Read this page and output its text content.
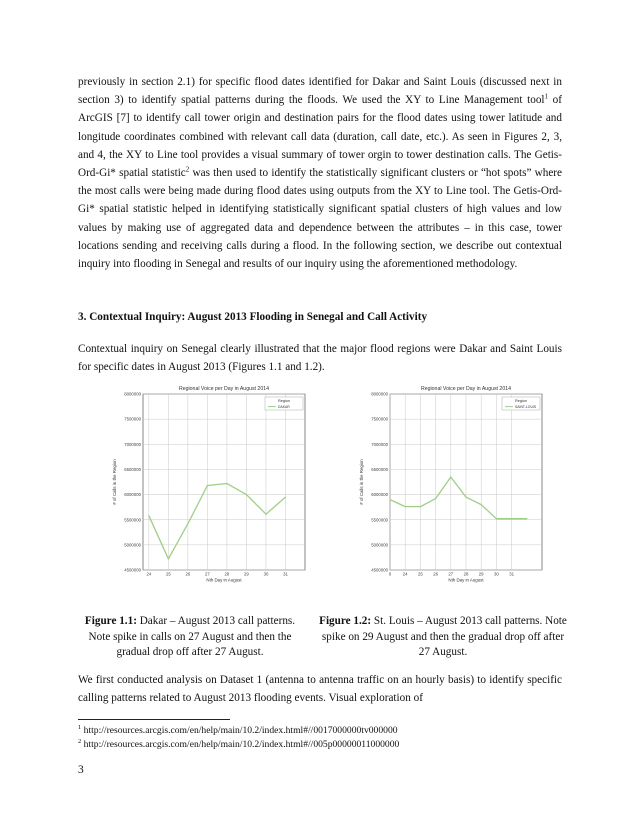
previously in section 2.1) for specific flood dates identified for Dakar and Saint Louis (discussed next in section 3) to identify spatial patterns during the floods. We used the XY to Line Management tool$^1$ of ArcGIS [7] to identify call tower origin and destination pairs for the flood dates using tower latitude and longitude coordinates combined with relevant call data (duration, call date, etc.). As seen in Figures 2, 3, and 4, the XY to Line tool provides a visual summary of tower orgin to tower destination calls. The Getis-Ord-Gi* spatial statistic$^2$ was then used to identify the statistically significant clusters or “hot spots” where the most calls were being made during flood dates using outputs from the XY to Line tool. The Getis-Ord-Gi* spatial statistic helped in identifying statistically significant spatial clusters of high values and low values by making use of aggregated data and dependence between the attributes – in this case, tower locations sending and receiving calls during a flood. In the following section, we describe out contextual inquiry into flooding in Senegal and results of our inquiry using the aforementioned methodology.

3. Contextual Inquiry: August 2013 Flooding in Senegal and Call Activity

Contextual inquiry on Senegal clearly illustrated that the major flood regions were Dakar and Saint Louis for specific dates in August 2013 (Figures 1.1 and 1.2).

Regional Voice per Day in August 2014
4500000
5000000
5500000
6000000
6500000
7000000
7500000
8000000
24	25	26	27	28	29	30	31
Region
DAKAR
Nth Day in August
# of Calls in the Region
Regional Voice per Day in August 2014
4500000
5000000
5500000
6000000
6500000
7000000
7500000
8000000
0	24 25 26 27 28 29 30 31
Region
SAINT-LOUIS
Nth Day in August
# of Calls in the Region

Figure 1.1: Dakar – August 2013 call patterns. Note spike in calls on 27 August and then the gradual drop off after 27 August.

Figure 1.2: St. Louis – August 2013 call patterns. Note spike on 29 August and then the gradual drop off after 27 August.

We first conducted analysis on Dataset 1 (antenna to antenna traffic on an hourly basis) to identify specific calling patterns related to August 2013 flooding events. Visual exploration of

$^1$ http://resources.arcgis.com/en/help/main/10.2/index.html#//0017000000tv000000

$^2$ http://resources.arcgis.com/en/help/main/10.2/index.html#//005p00000011000000

3
